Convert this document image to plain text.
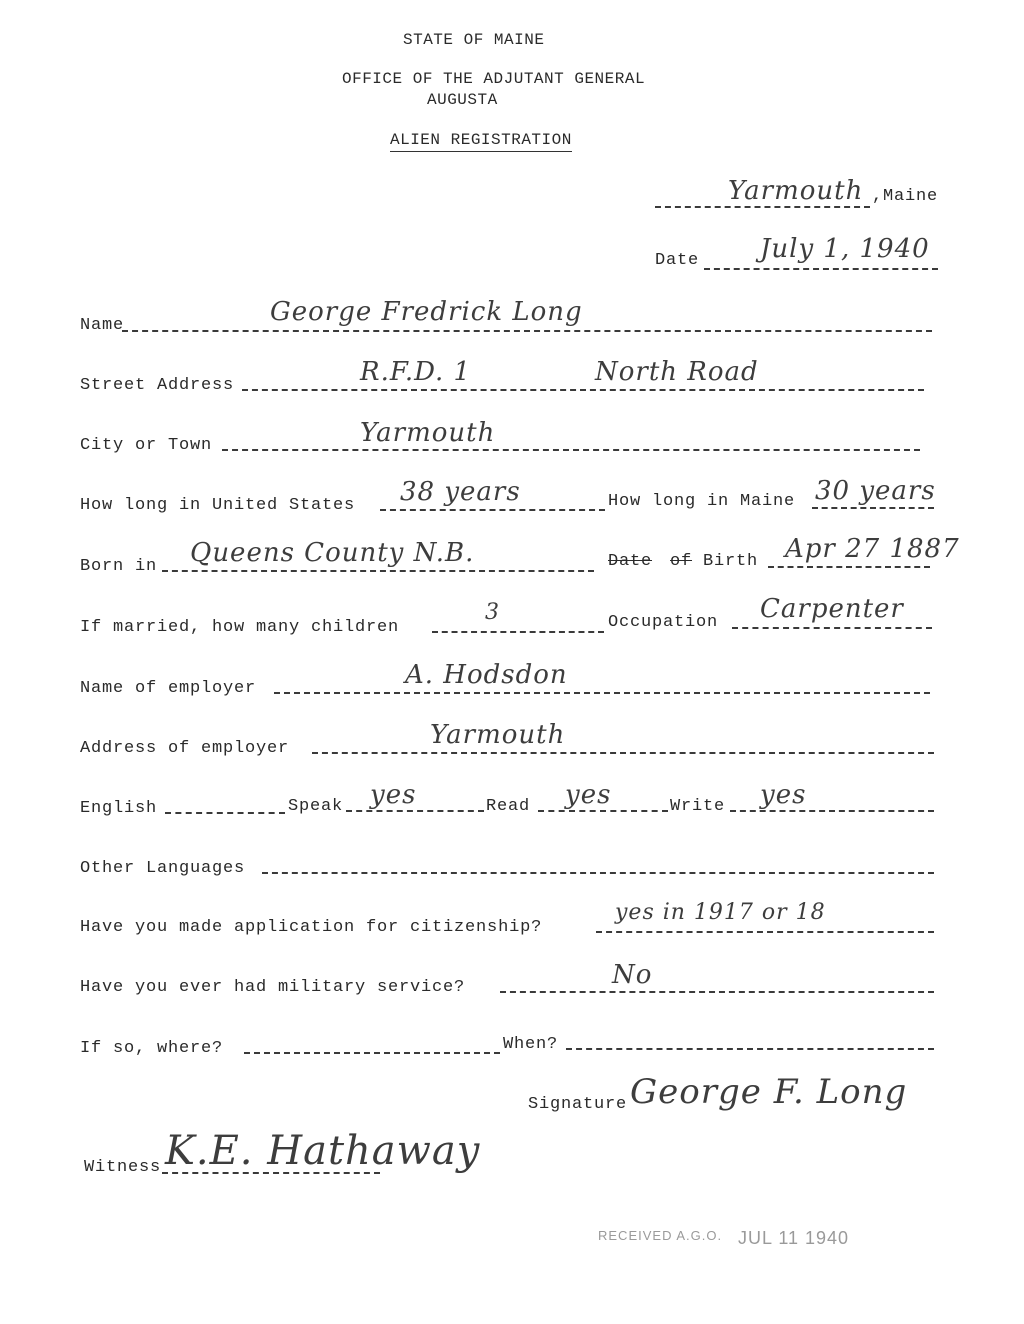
STATE OF MAINE
OFFICE OF THE ADJUTANT GENERAL
AUGUSTA
ALIEN REGISTRATION
Yarmouth ,Maine
Date July 1, 1940
Name	George Fredrick Long
Street Address	R.F.D. 1	North Road
City or Town	Yarmouth
How long in United States 38 years	How long in Maine 30 years
Born in Queens County N.B.	Date of Birth Apr 27 1887
If married, how many children
3	Occupation Carpenter
Name of employer	A. Hodsdon
Address of employer	Yarmouth
English	Speak yes	Read yes	Write yes
Other Languages
Have you made application for citizenship?
yes in 1917 or 18
Have you ever had military service?	No
If so, where?	When?
Signature George F. Long
Witness K.E. Hathaway
RECEIVED A.G.O. JUL 11 1940
